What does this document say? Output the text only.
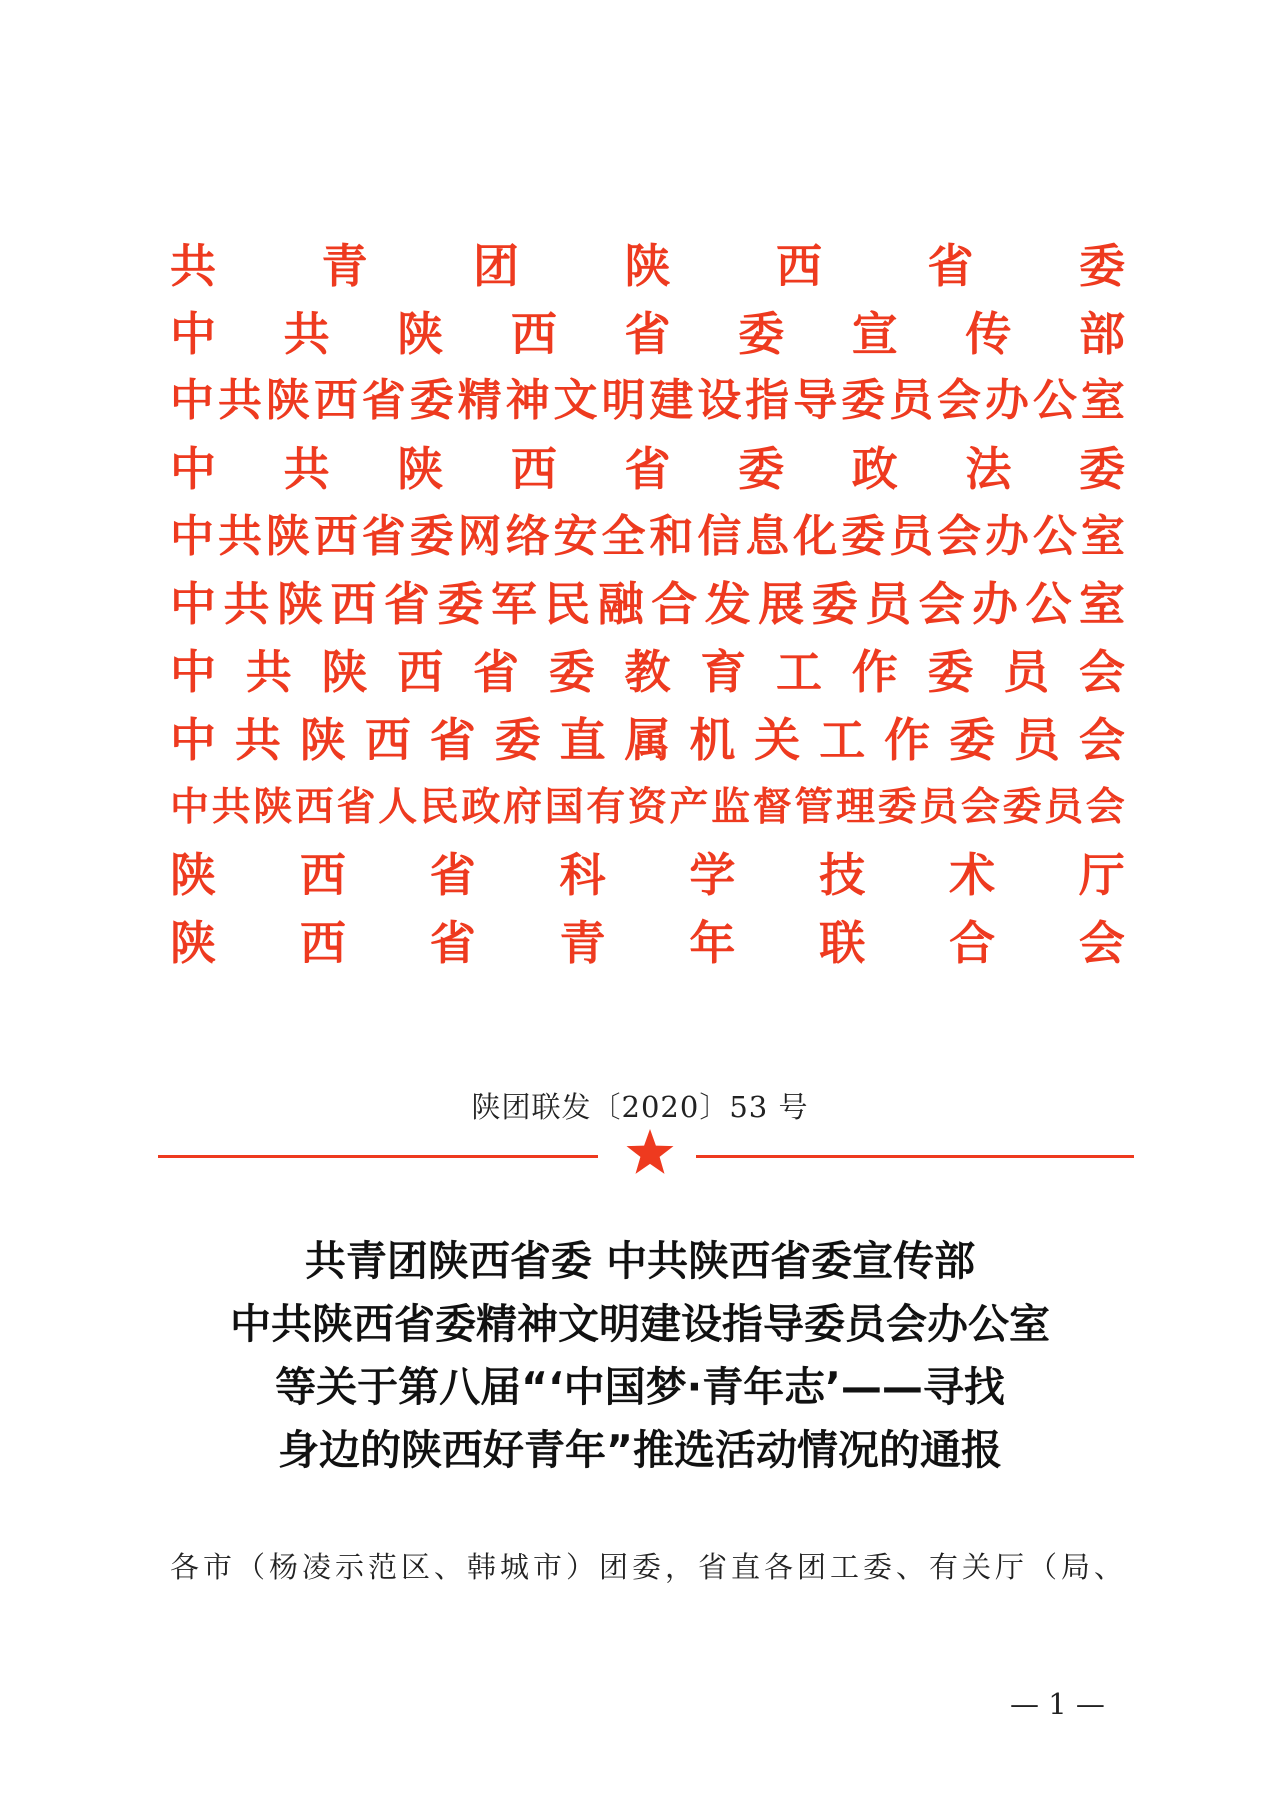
共 青 团 陕 西 省 委
中 共 陕 西 省 委 宣 传 部
中 共 陕 西 省 委 精 神 文 明 建 设 指 导 委 员 会 办 公 室
中 共 陕 西 省 委 政 法 委
中 共 陕 西 省 委 网 络 安 全 和 信 息 化 委 员 会 办 公 室
中 共 陕 西 省 委 军 民 融 合 发 展 委 员 会 办 公 室
中 共 陕 西 省 委 教 育 工 作 委 员 会
中 共 陕 西 省 委 直 属 机 关 工 作 委 员 会
中 共 陕 西 省 人 民 政 府 国 有 资 产 监 督 管 理 委 员 会 委 员 会
陕 西 省 科 学 技 术 厅
陕 西 省 青 年 联 合 会
陕团联发〔2020〕53 号
共青团陕西省委 中共陕西省委宣传部
中共陕西省委精神文明建设指导委员会办公室
等关于第八届“‘中国梦·青年志’——寻找
身边的陕西好青年”推选活动情况的通报
各市（杨凌示范区、韩城市）团委，省直各团工委、有关厅（局、
— 1 —
